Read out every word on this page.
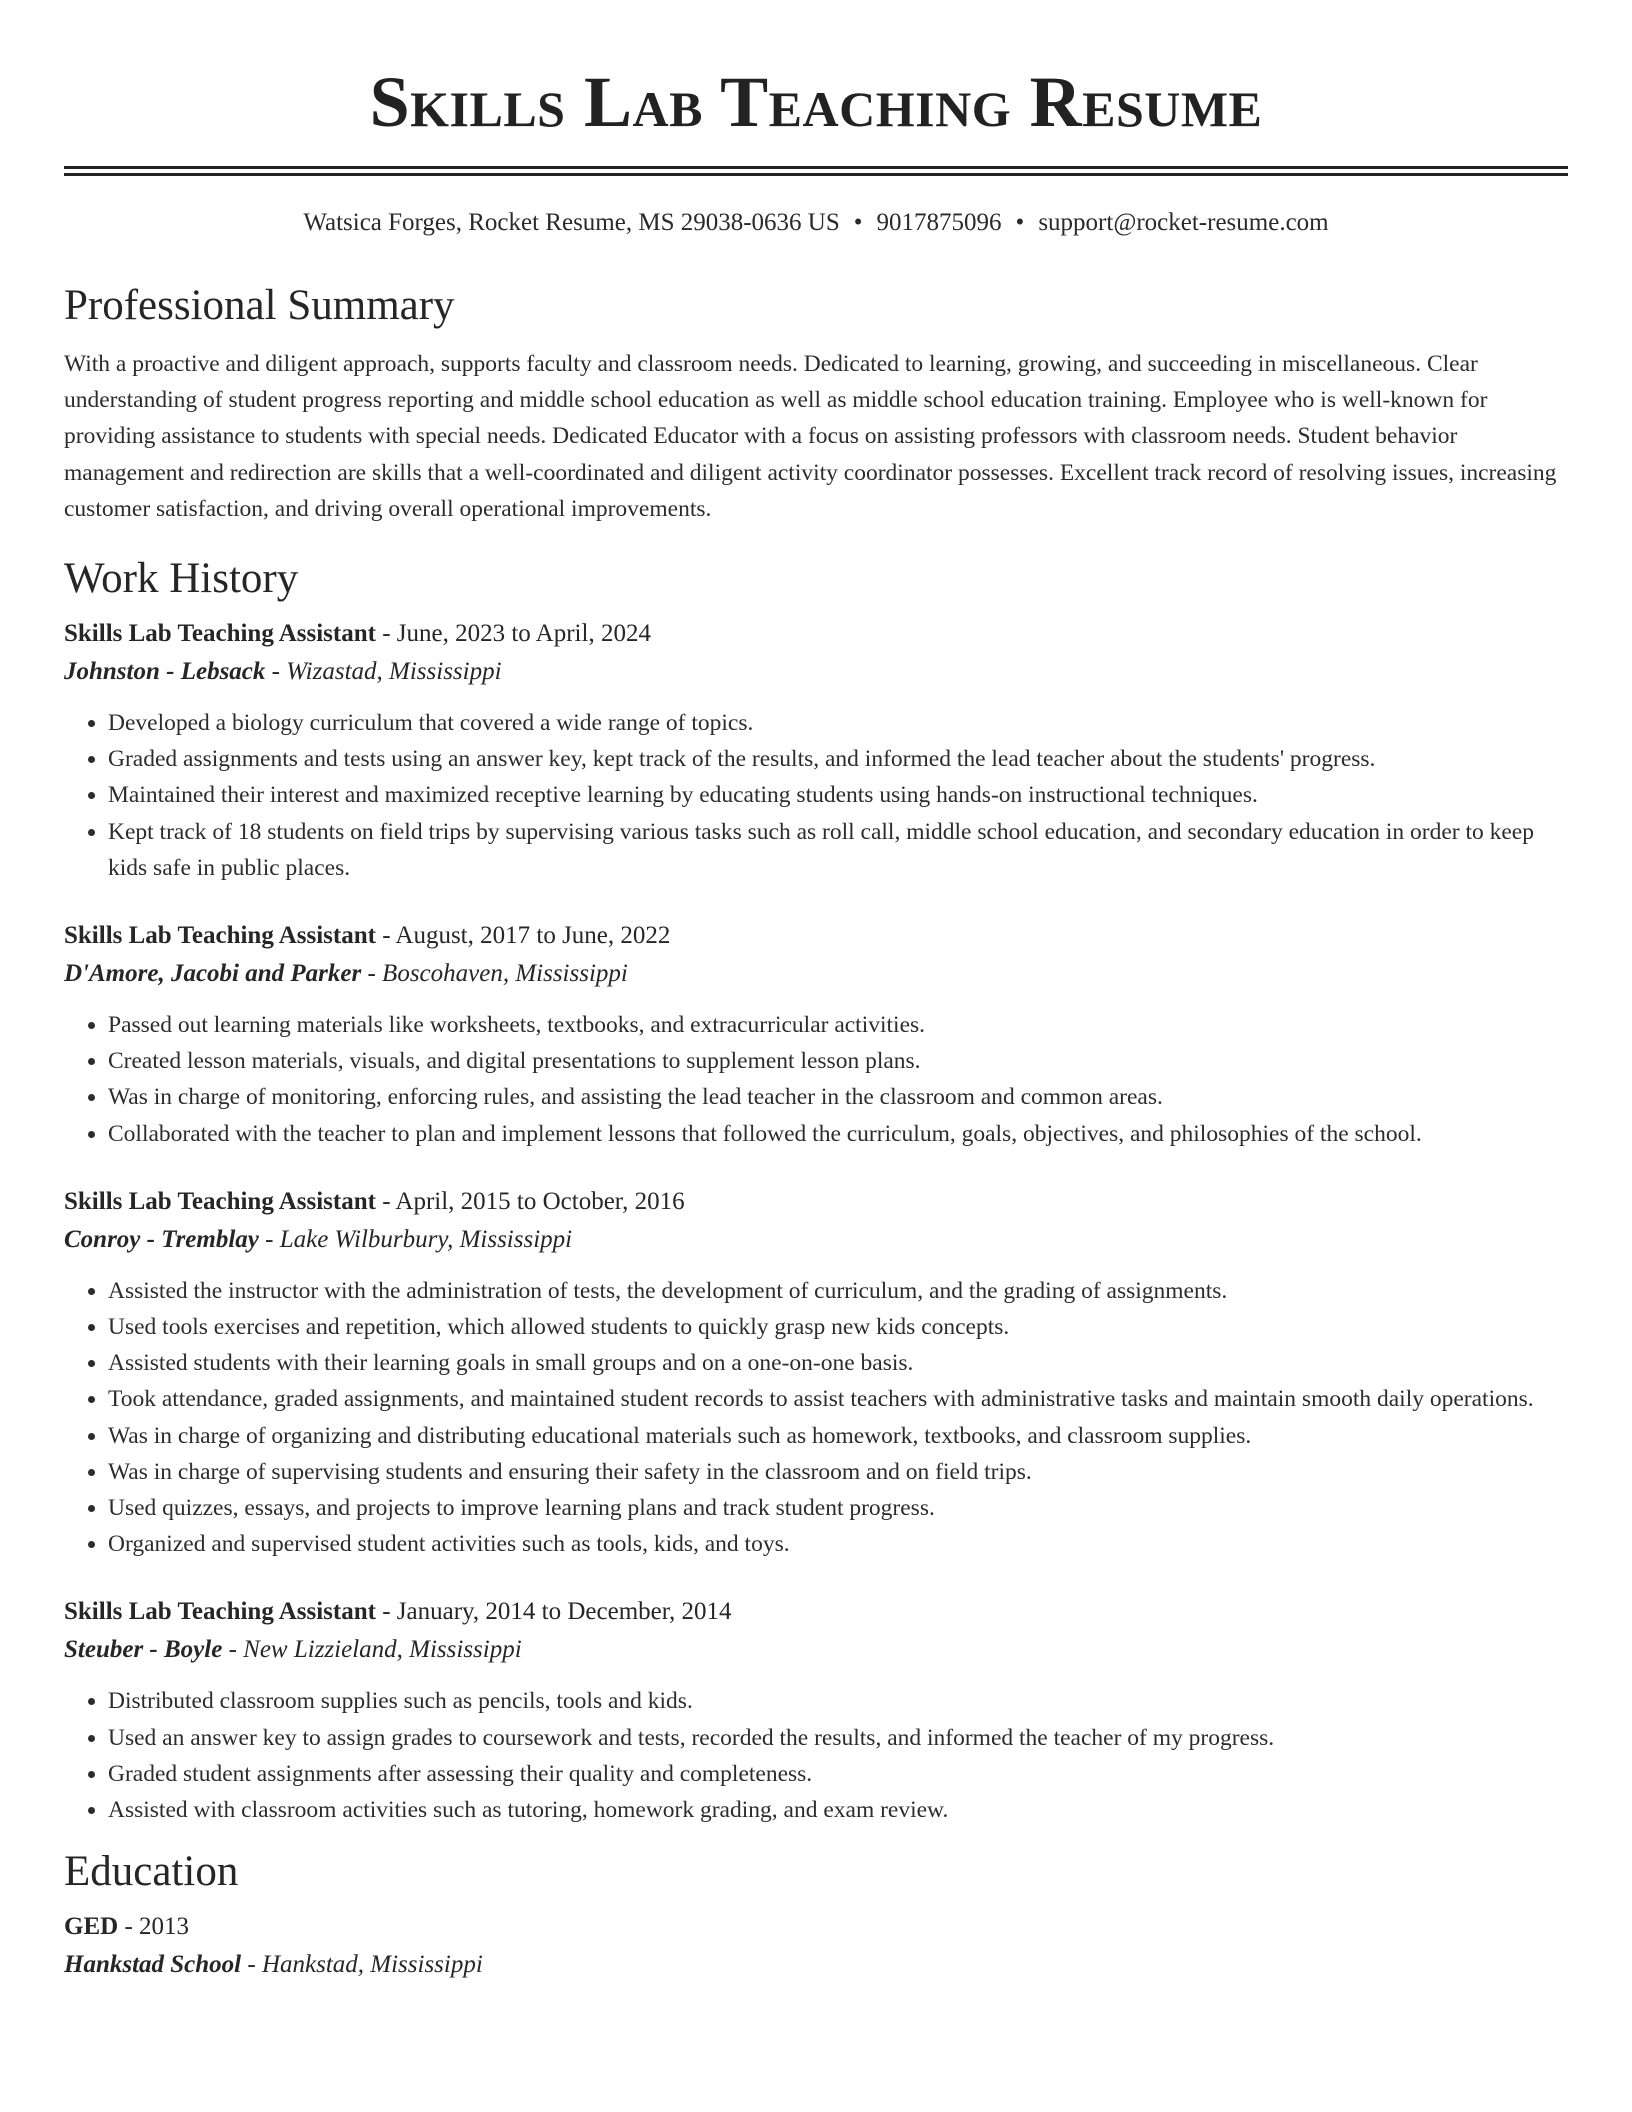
Skills Lab Teaching Resume
Watsica Forges, Rocket Resume, MS 29038-0636 US • 9017875096 • support@rocket-resume.com
Professional Summary
With a proactive and diligent approach, supports faculty and classroom needs. Dedicated to learning, growing, and succeeding in miscellaneous. Clear understanding of student progress reporting and middle school education as well as middle school education training. Employee who is well-known for providing assistance to students with special needs. Dedicated Educator with a focus on assisting professors with classroom needs. Student behavior management and redirection are skills that a well-coordinated and diligent activity coordinator possesses. Excellent track record of resolving issues, increasing customer satisfaction, and driving overall operational improvements.
Work History
Skills Lab Teaching Assistant - June, 2023 to April, 2024
Johnston - Lebsack - Wizastad, Mississippi
• Developed a biology curriculum that covered a wide range of topics.
• Graded assignments and tests using an answer key, kept track of the results, and informed the lead teacher about the students' progress.
• Maintained their interest and maximized receptive learning by educating students using hands-on instructional techniques.
• Kept track of 18 students on field trips by supervising various tasks such as roll call, middle school education, and secondary education in order to keep kids safe in public places.
Skills Lab Teaching Assistant - August, 2017 to June, 2022
D'Amore, Jacobi and Parker - Boscohaven, Mississippi
• Passed out learning materials like worksheets, textbooks, and extracurricular activities.
• Created lesson materials, visuals, and digital presentations to supplement lesson plans.
• Was in charge of monitoring, enforcing rules, and assisting the lead teacher in the classroom and common areas.
• Collaborated with the teacher to plan and implement lessons that followed the curriculum, goals, objectives, and philosophies of the school.
Skills Lab Teaching Assistant - April, 2015 to October, 2016
Conroy - Tremblay - Lake Wilburbury, Mississippi
• Assisted the instructor with the administration of tests, the development of curriculum, and the grading of assignments.
• Used tools exercises and repetition, which allowed students to quickly grasp new kids concepts.
• Assisted students with their learning goals in small groups and on a one-on-one basis.
• Took attendance, graded assignments, and maintained student records to assist teachers with administrative tasks and maintain smooth daily operations.
• Was in charge of organizing and distributing educational materials such as homework, textbooks, and classroom supplies.
• Was in charge of supervising students and ensuring their safety in the classroom and on field trips.
• Used quizzes, essays, and projects to improve learning plans and track student progress.
• Organized and supervised student activities such as tools, kids, and toys.
Skills Lab Teaching Assistant - January, 2014 to December, 2014
Steuber - Boyle - New Lizzieland, Mississippi
• Distributed classroom supplies such as pencils, tools and kids.
• Used an answer key to assign grades to coursework and tests, recorded the results, and informed the teacher of my progress.
• Graded student assignments after assessing their quality and completeness.
• Assisted with classroom activities such as tutoring, homework grading, and exam review.
Education
GED - 2013
Hankstad School - Hankstad, Mississippi
